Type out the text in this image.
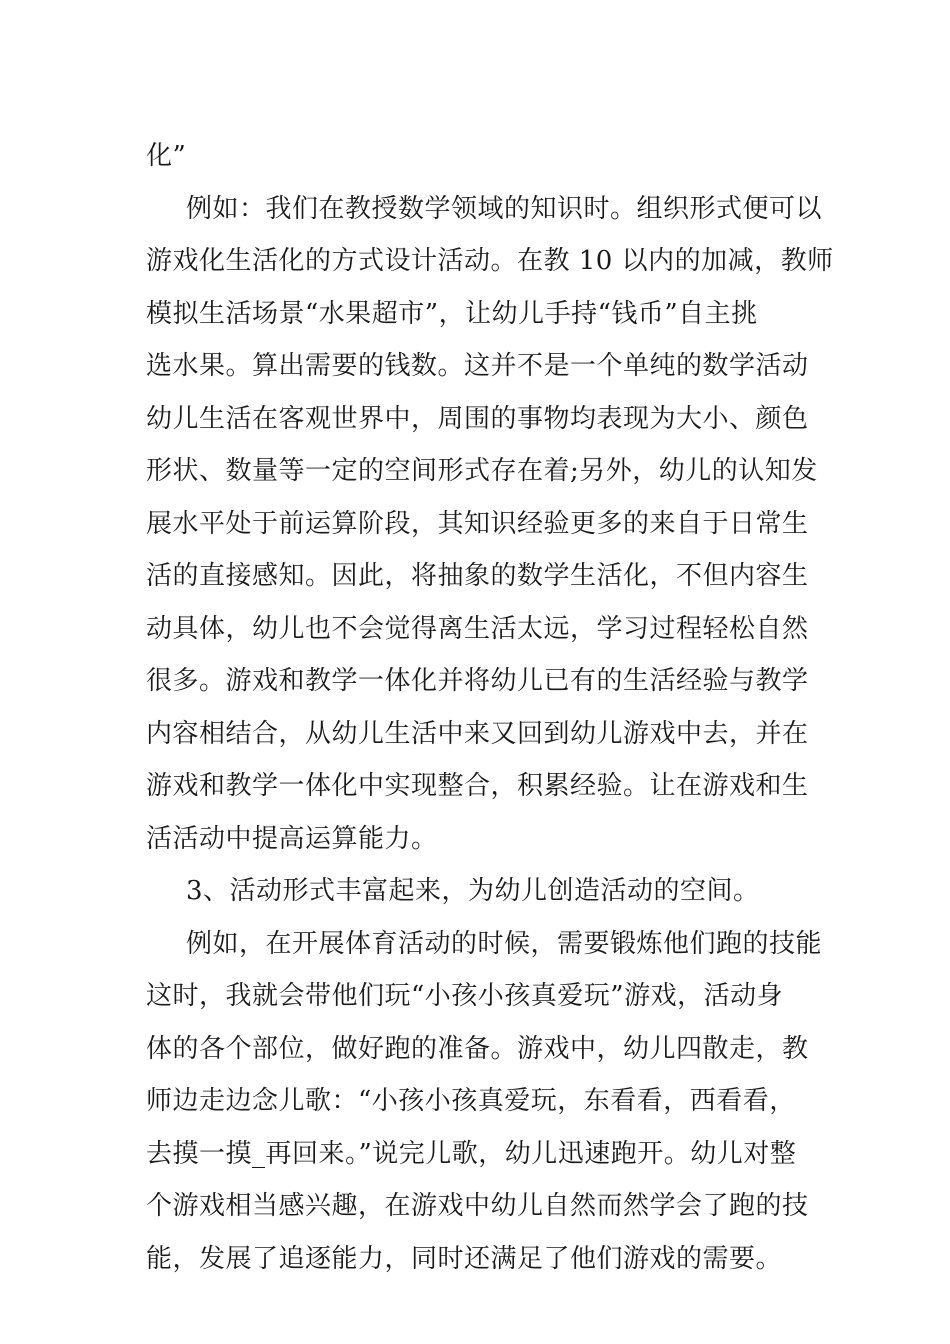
化”
例如：我们在教授数学领域的知识时。组织形式便可以
游戏化生活化的方式设计活动。在教 10 以内的加减，教师
模拟生活场景“水果超市”，让幼儿手持“钱币”自主挑
选水果。算出需要的钱数。这并不是一个单纯的数学活动
幼儿生活在客观世界中，周围的事物均表现为大小、颜色
形状、数量等一定的空间形式存在着;另外，幼儿的认知发
展水平处于前运算阶段，其知识经验更多的来自于日常生
活的直接感知。因此，将抽象的数学生活化，不但内容生
动具体，幼儿也不会觉得离生活太远，学习过程轻松自然
很多。游戏和教学一体化并将幼儿已有的生活经验与教学
内容相结合，从幼儿生活中来又回到幼儿游戏中去，并在
游戏和教学一体化中实现整合，积累经验。让在游戏和生
活活动中提高运算能力。
3、活动形式丰富起来，为幼儿创造活动的空间。
例如，在开展体育活动的时候，需要锻炼他们跑的技能
这时，我就会带他们玩“小孩小孩真爱玩”游戏，活动身
体的各个部位，做好跑的准备。游戏中，幼儿四散走，教
师边走边念儿歌：“小孩小孩真爱玩，东看看，西看看，
去摸一摸_再回来。”说完儿歌，幼儿迅速跑开。幼儿对整
个游戏相当感兴趣，在游戏中幼儿自然而然学会了跑的技
能，发展了追逐能力，同时还满足了他们游戏的需要。
